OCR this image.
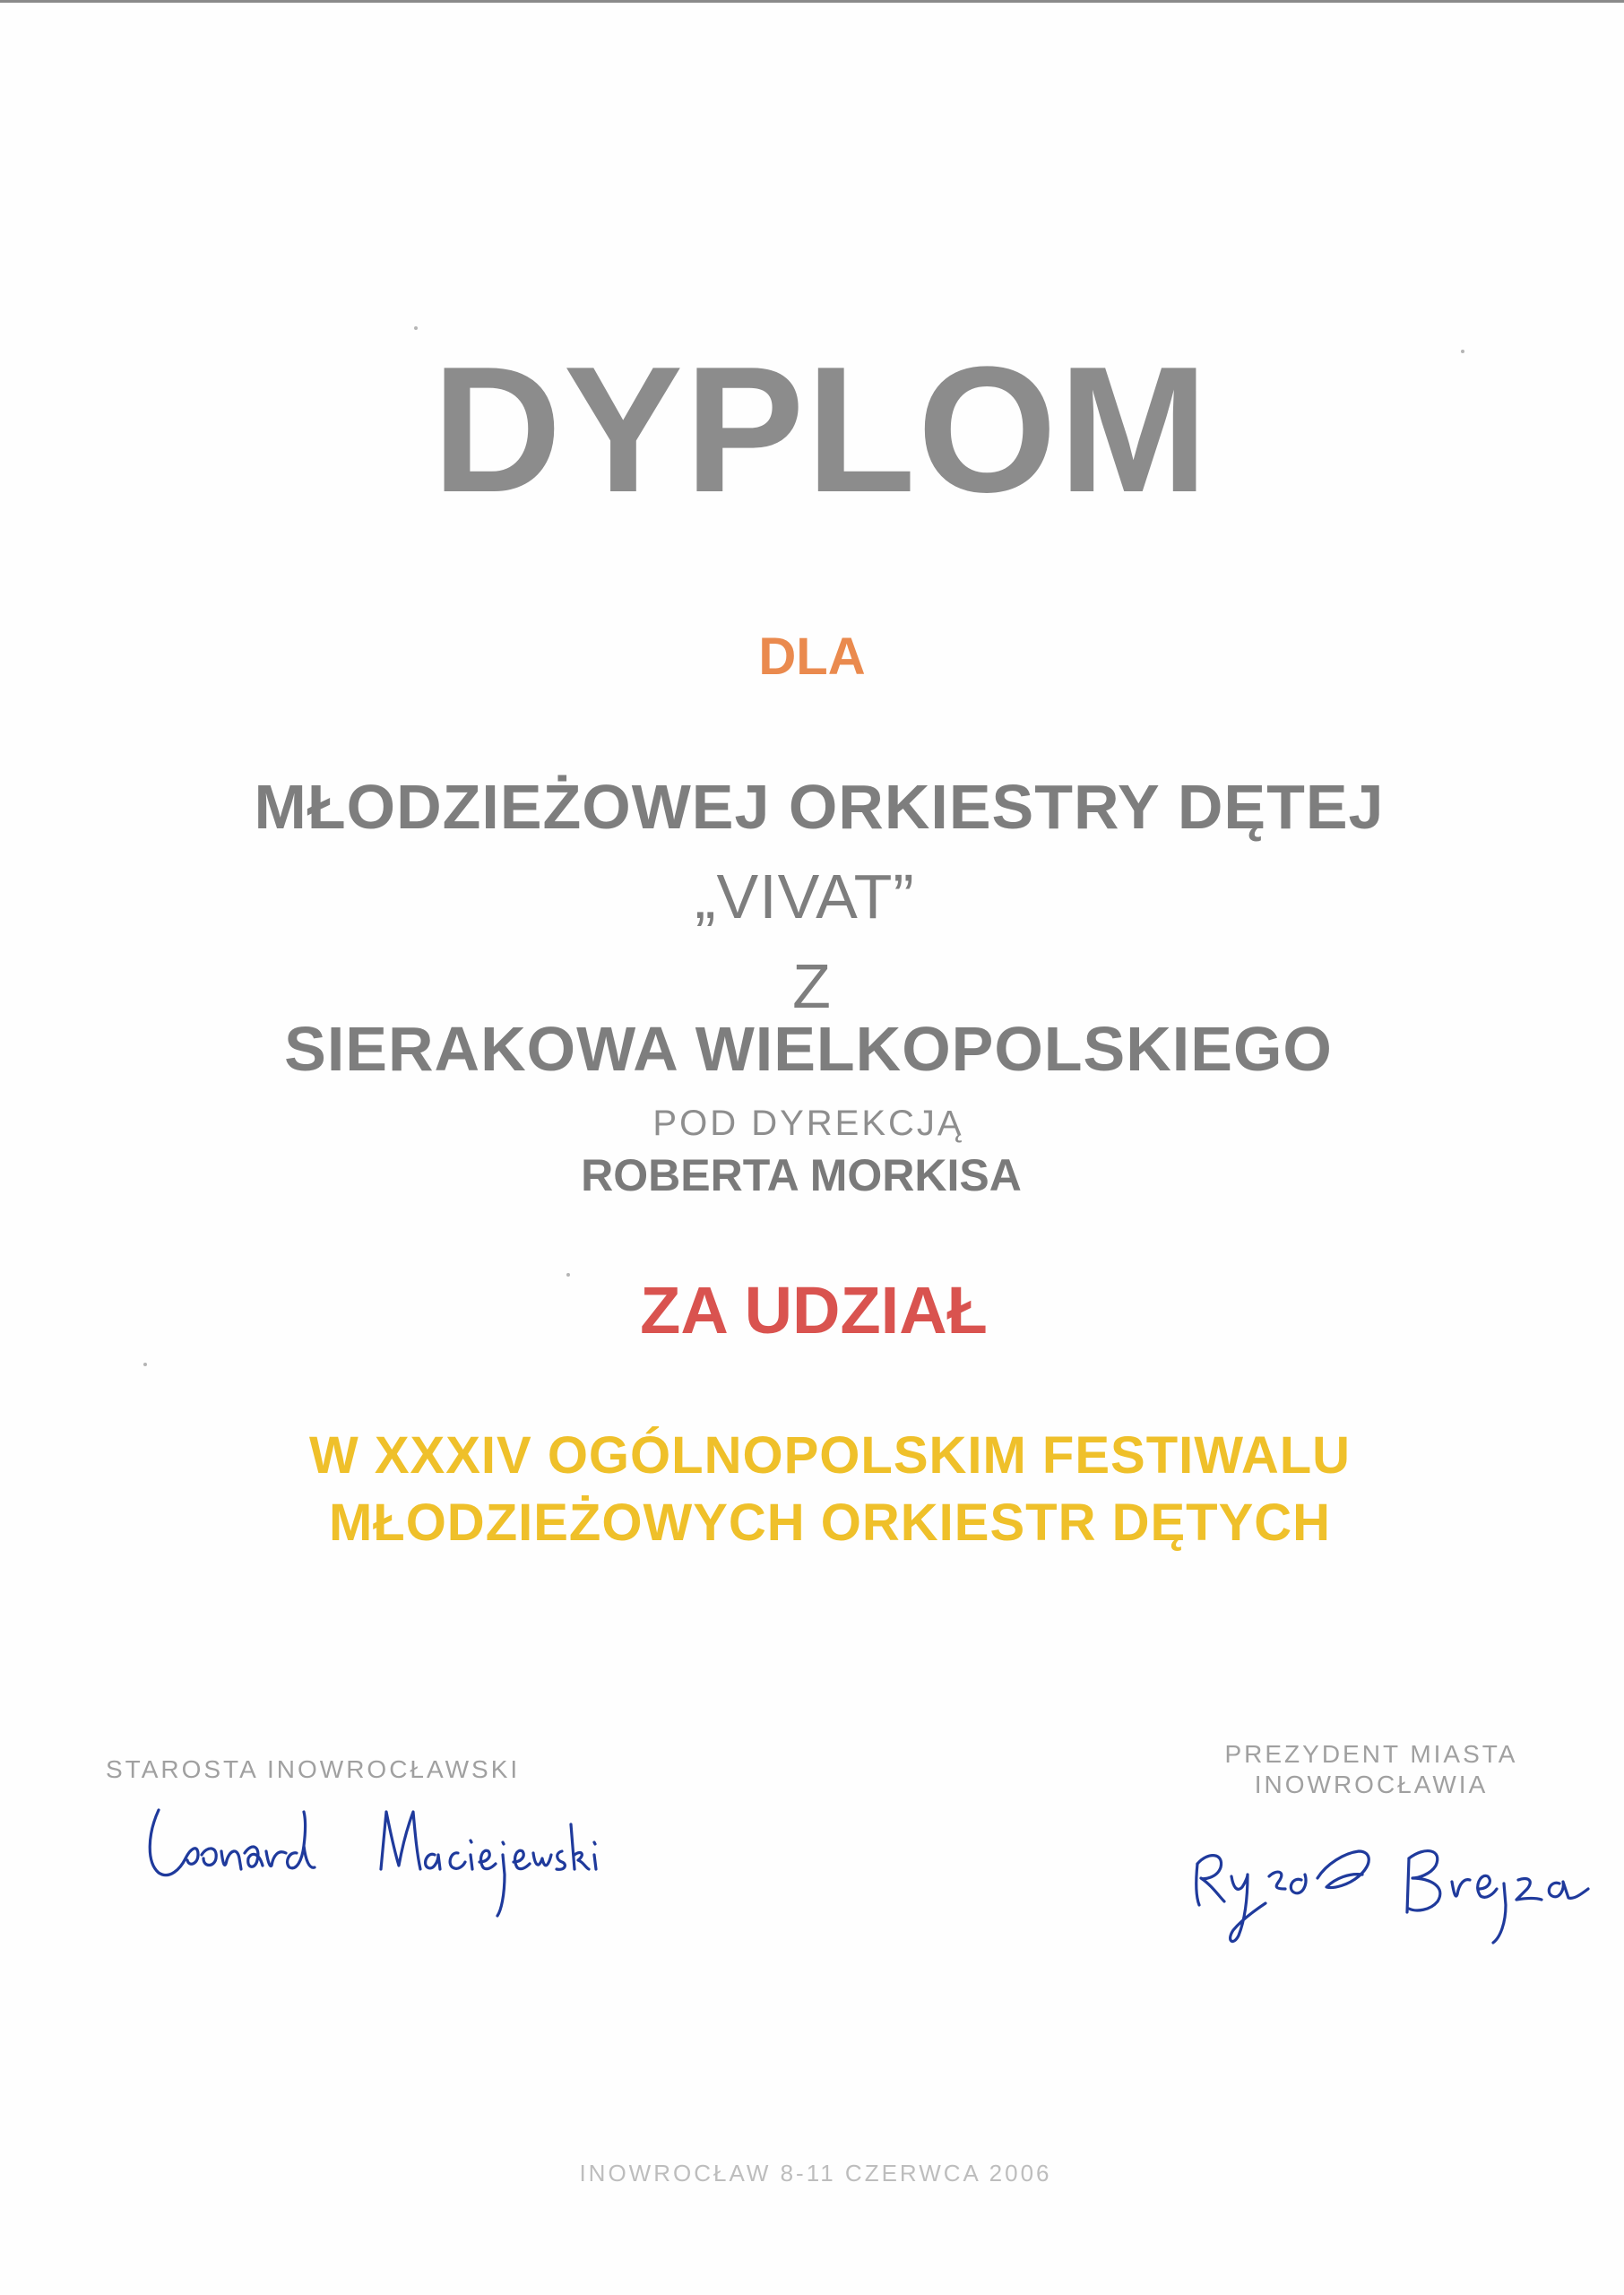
DYPLOM
DLA
MŁODZIEŻOWEJ ORKIESTRY DĘTEJ
„VIVAT”
Z
SIERAKOWA WIELKOPOLSKIEGO
POD DYREKCJĄ
ROBERTA MORKISA
ZA UDZIAŁ
W XXXIV OGÓLNOPOLSKIM FESTIWALU
MŁODZIEŻOWYCH ORKIESTR DĘTYCH
STAROSTA INOWROCŁAWSKI
PREZYDENT MIASTA
INOWROCŁAWIA
INOWROCŁAW 8-11 CZERWCA 2006
